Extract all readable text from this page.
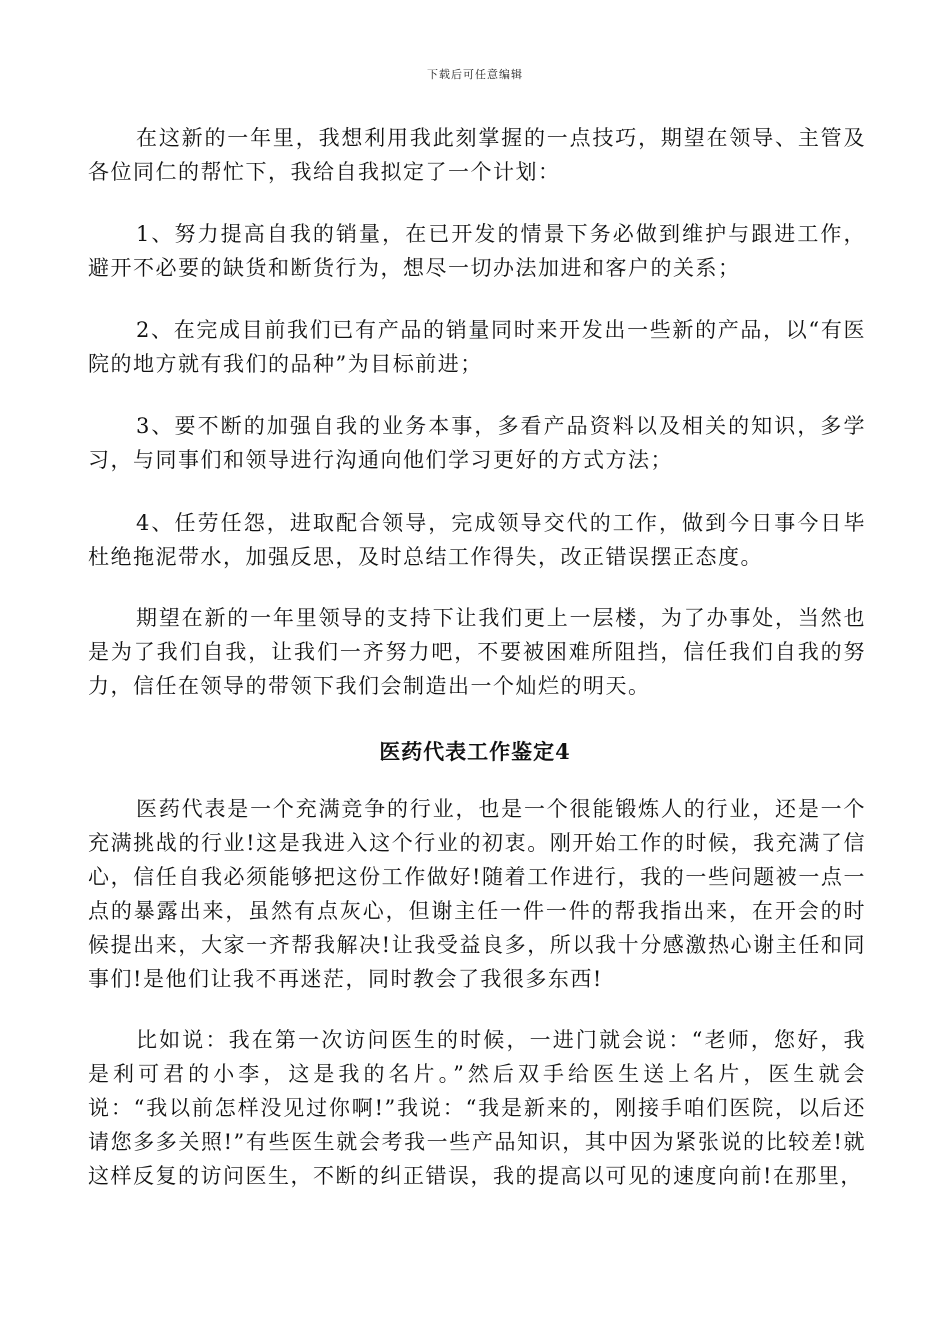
下载后可任意编辑

在这新的一年里，我想利用我此刻掌握的一点技巧，期望在领导、主管及各位同仁的帮忙下，我给自我拟定了一个计划：

1、努力提高自我的销量，在已开发的情景下务必做到维护与跟进工作，避开不必要的缺货和断货行为，想尽一切办法加进和客户的关系；

2、在完成目前我们已有产品的销量同时来开发出一些新的产品，以“有医院的地方就有我们的品种”为目标前进；

3、要不断的加强自我的业务本事，多看产品资料以及相关的知识，多学习，与同事们和领导进行沟通向他们学习更好的方式方法；

4、任劳任怨，进取配合领导，完成领导交代的工作，做到今日事今日毕杜绝拖泥带水，加强反思，及时总结工作得失，改正错误摆正态度。

期望在新的一年里领导的支持下让我们更上一层楼，为了办事处，当然也是为了我们自我，让我们一齐努力吧，不要被困难所阻挡，信任我们自我的努力，信任在领导的带领下我们会制造出一个灿烂的明天。

医药代表工作鉴定4

医药代表是一个充满竞争的行业，也是一个很能锻炼人的行业，还是一个充满挑战的行业!这是我进入这个行业的初衷。刚开始工作的时候，我充满了信心，信任自我必须能够把这份工作做好!随着工作进行，我的一些问题被一点一点的暴露出来，虽然有点灰心，但谢主任一件一件的帮我指出来，在开会的时候提出来，大家一齐帮我解决!让我受益良多，所以我十分感激热心谢主任和同事们!是他们让我不再迷茫，同时教会了我很多东西!

比如说：我在第一次访问医生的时候，一进门就会说：“老师，您好，我是利可君的小李，这是我的名片。”然后双手给医生送上名片，医生就会说：“我以前怎样没见过你啊!”我说：“我是新来的，刚接手咱们医院，以后还请您多多关照!”有些医生就会考我一些产品知识，其中因为紧张说的比较差!就这样反复的访问医生，不断的纠正错误，我的提高以可见的速度向前!在那里，
